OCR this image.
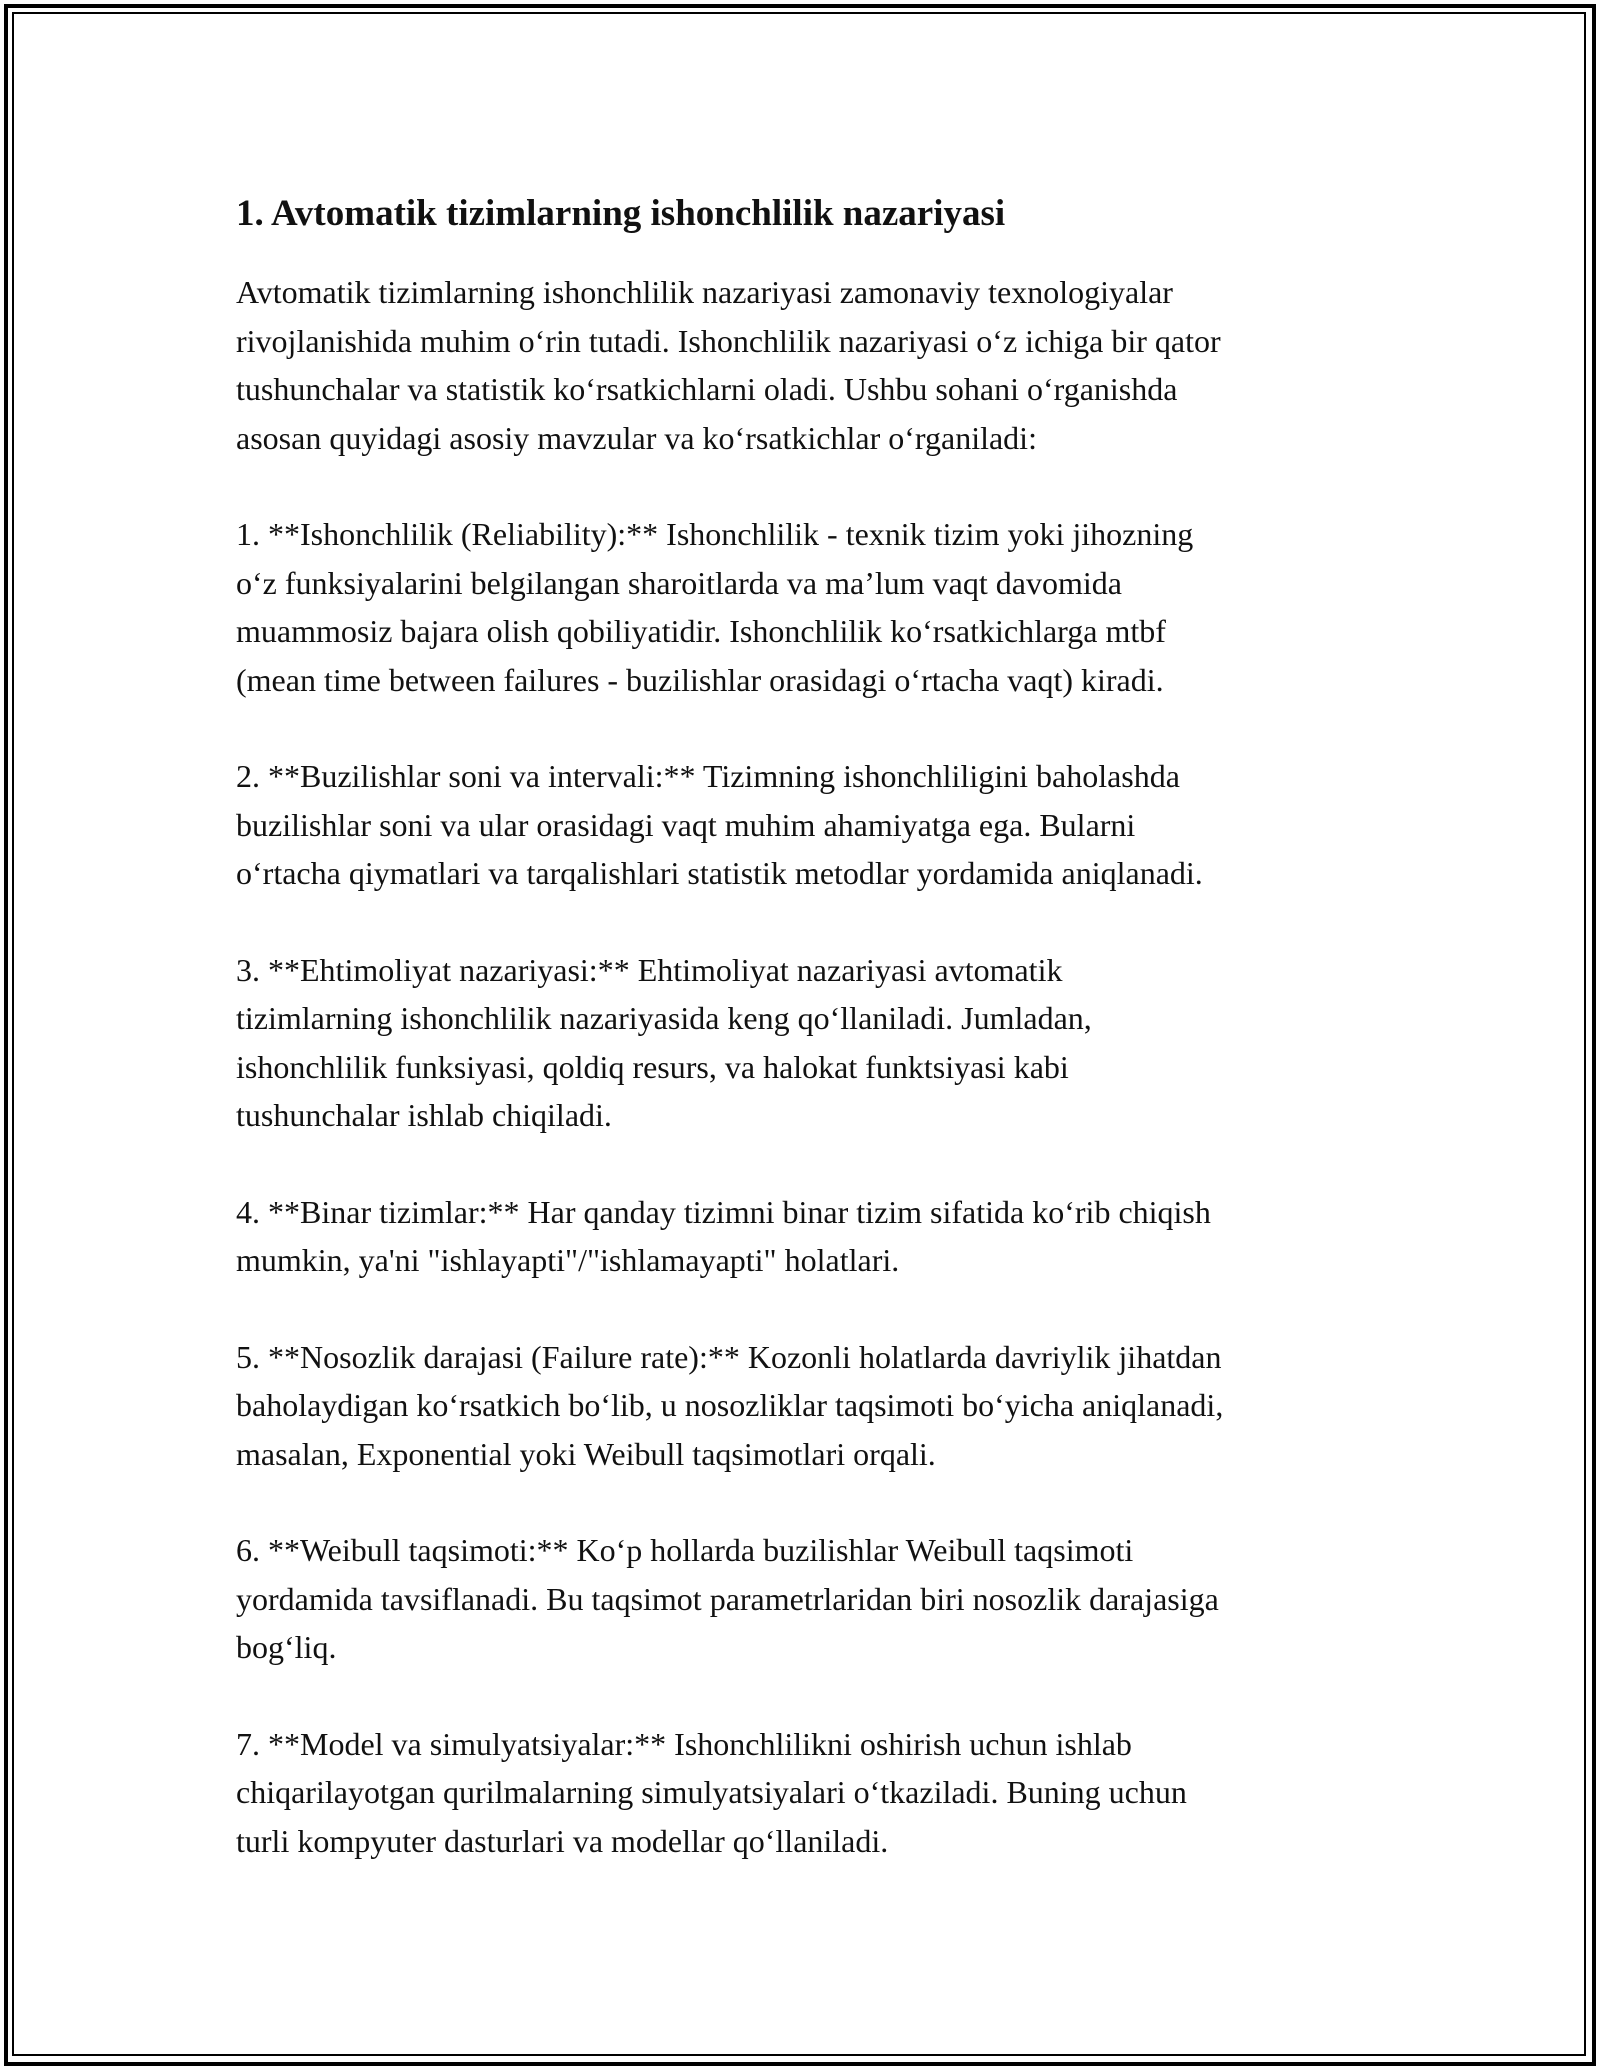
1. Avtomatik tizimlarning ishonchlilik nazariyasi

Avtomatik tizimlarning ishonchlilik nazariyasi zamonaviy texnologiyalar
rivojlanishida muhim oʻrin tutadi. Ishonchlilik nazariyasi oʻz ichiga bir qator
tushunchalar va statistik koʻrsatkichlarni oladi. Ushbu sohani oʻrganishda
asosan quyidagi asosiy mavzular va koʻrsatkichlar oʻrganiladi:

1. **Ishonchlilik (Reliability):** Ishonchlilik - texnik tizim yoki jihozning
oʻz funksiyalarini belgilangan sharoitlarda va ma’lum vaqt davomida
muammosiz bajara olish qobiliyatidir. Ishonchlilik koʻrsatkichlarga mtbf
(mean time between failures - buzilishlar orasidagi oʻrtacha vaqt) kiradi.

2. **Buzilishlar soni va intervali:** Tizimning ishonchliligini baholashda
buzilishlar soni va ular orasidagi vaqt muhim ahamiyatga ega. Bularni
oʻrtacha qiymatlari va tarqalishlari statistik metodlar yordamida aniqlanadi.

3. **Ehtimoliyat nazariyasi:** Ehtimoliyat nazariyasi avtomatik
tizimlarning ishonchlilik nazariyasida keng qoʻllaniladi. Jumladan,
ishonchlilik funksiyasi, qoldiq resurs, va halokat funktsiyasi kabi
tushunchalar ishlab chiqiladi.

4. **Binar tizimlar:** Har qanday tizimni binar tizim sifatida koʻrib chiqish
mumkin, ya'ni "ishlayapti"/"ishlamayapti" holatlari.

5. **Nosozlik darajasi (Failure rate):** Kozonli holatlarda davriylik jihatdan
baholaydigan koʻrsatkich boʻlib, u nosozliklar taqsimoti boʻyicha aniqlanadi,
masalan, Exponential yoki Weibull taqsimotlari orqali.

6. **Weibull taqsimoti:** Koʻp hollarda buzilishlar Weibull taqsimoti
yordamida tavsiflanadi. Bu taqsimot parametrlaridan biri nosozlik darajasiga
bogʻliq.

7. **Model va simulyatsiyalar:** Ishonchlilikni oshirish uchun ishlab
chiqarilayotgan qurilmalarning simulyatsiyalari oʻtkaziladi. Buning uchun
turli kompyuter dasturlari va modellar qoʻllaniladi.
